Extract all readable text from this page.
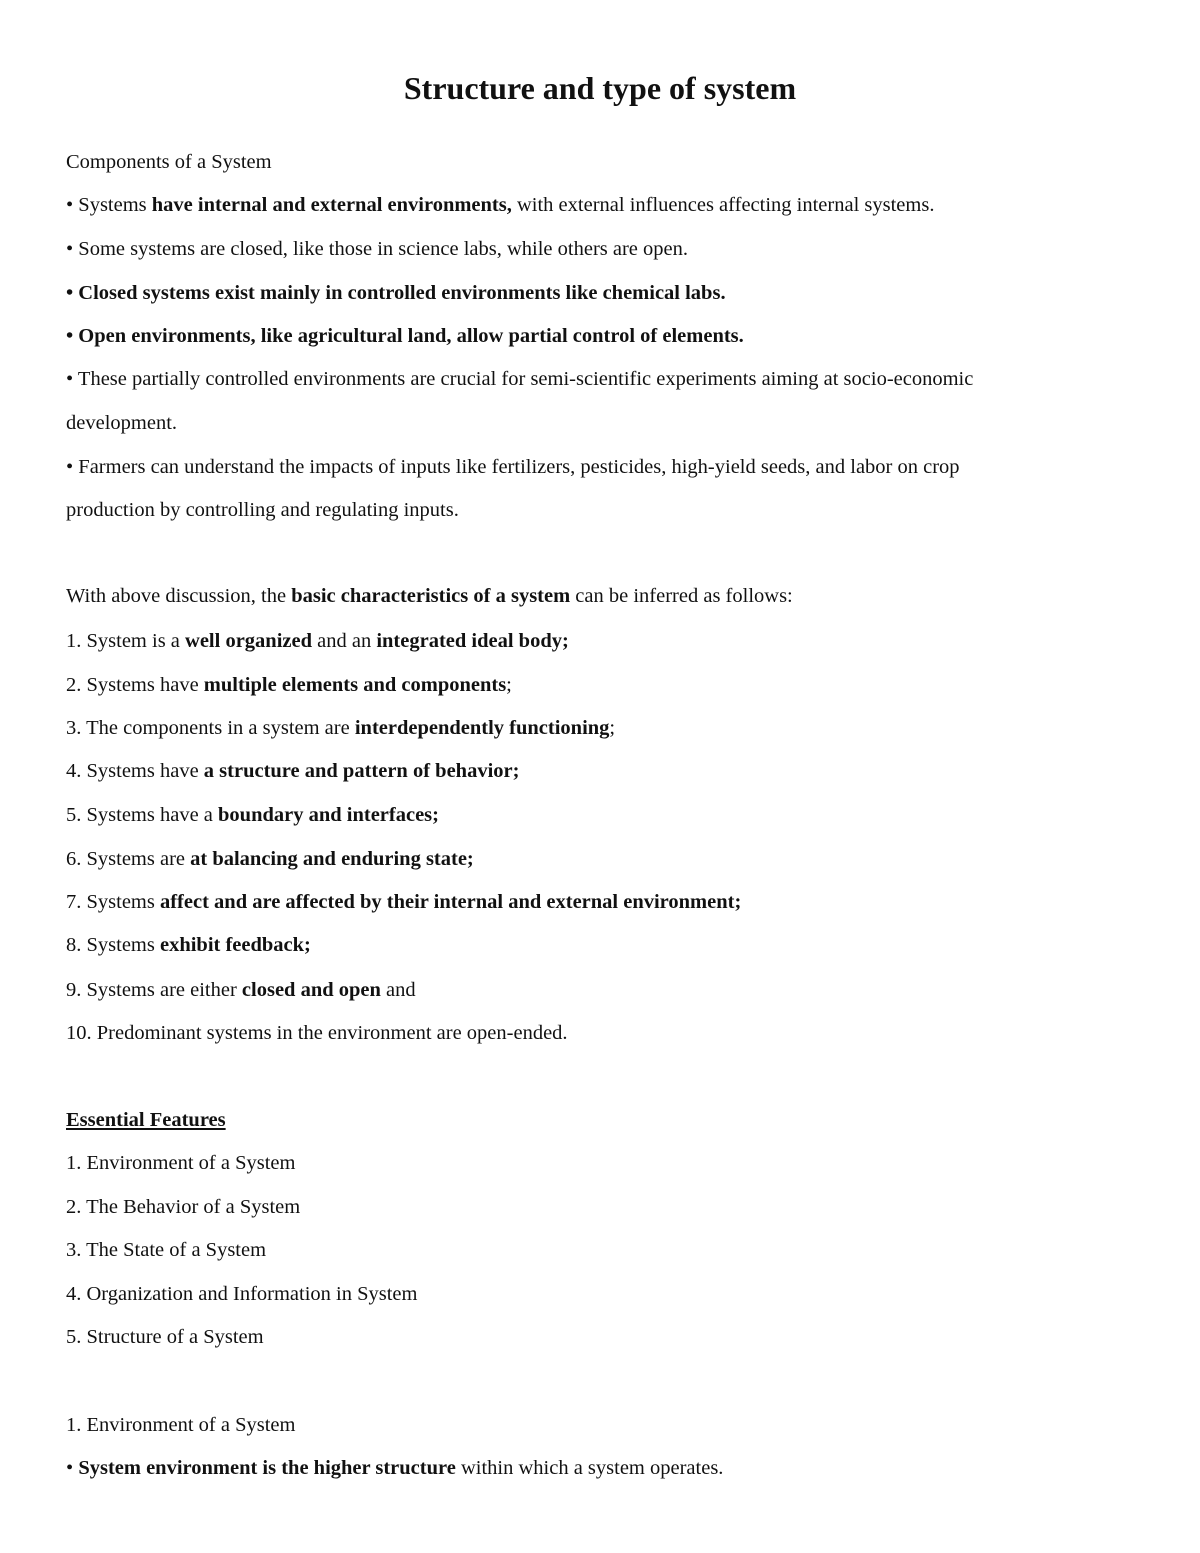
Structure and type of system

Components of a System

• Systems have internal and external environments, with external influences affecting internal systems.

• Some systems are closed, like those in science labs, while others are open.

• Closed systems exist mainly in controlled environments like chemical labs.

• Open environments, like agricultural land, allow partial control of elements.

• These partially controlled environments are crucial for semi-scientific experiments aiming at socio-economic

development.

• Farmers can understand the impacts of inputs like fertilizers, pesticides, high-yield seeds, and labor on crop

production by controlling and regulating inputs.

With above discussion, the basic characteristics of a system can be inferred as follows:

1. System is a well organized and an integrated ideal body;

2. Systems have multiple elements and components;

3. The components in a system are interdependently functioning;

4. Systems have a structure and pattern of behavior;

5. Systems have a boundary and interfaces;

6. Systems are at balancing and enduring state;

7. Systems affect and are affected by their internal and external environment;

8. Systems exhibit feedback;

9. Systems are either closed and open and

10. Predominant systems in the environment are open-ended.

Essential Features

1. Environment of a System

2. The Behavior of a System

3. The State of a System

4. Organization and Information in System

5. Structure of a System

1. Environment of a System

• System environment is the higher structure within which a system operates.
